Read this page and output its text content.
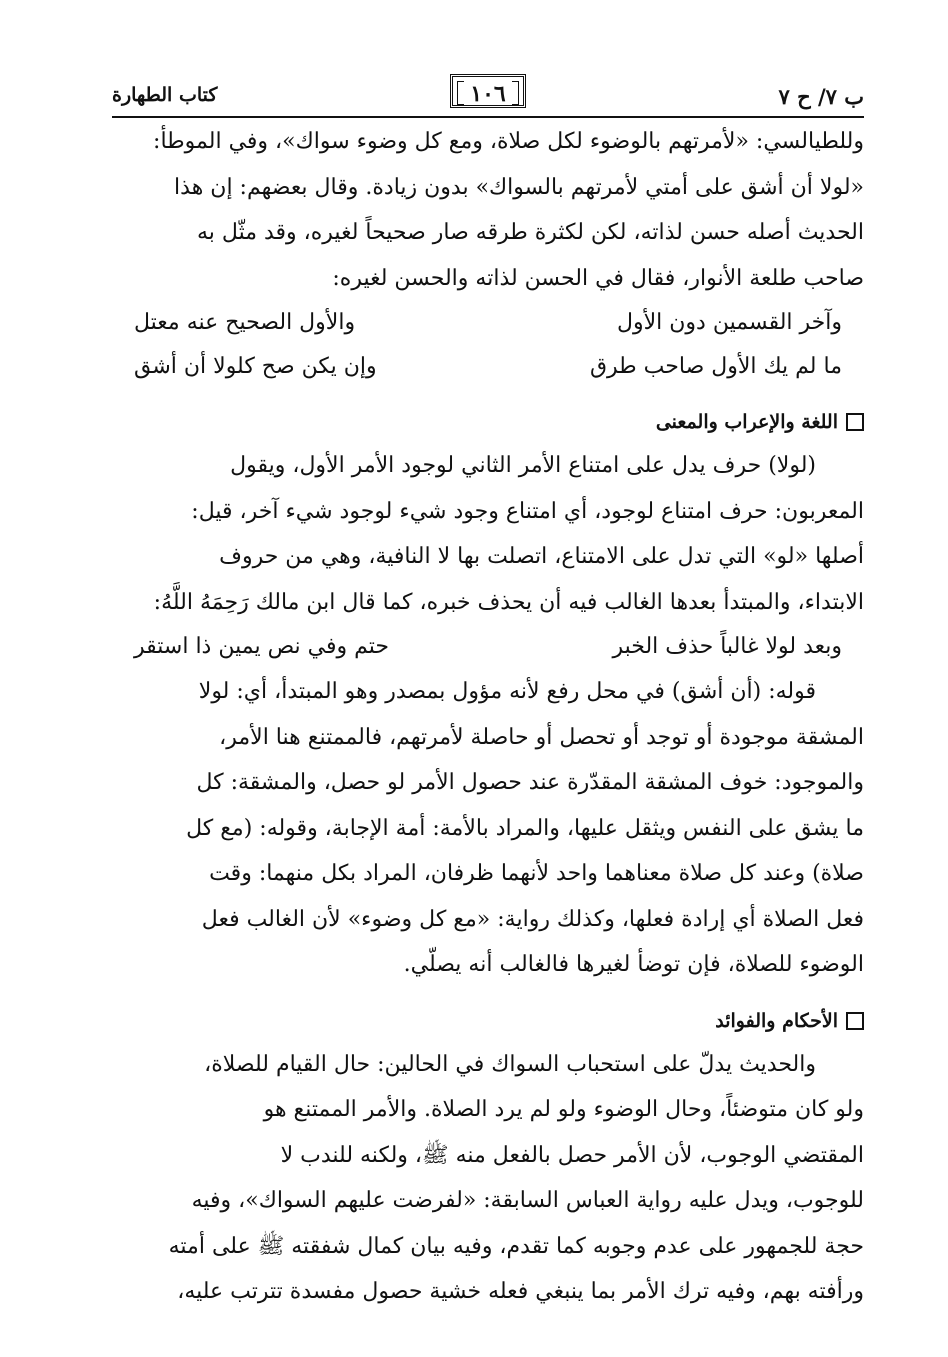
ب ٧/ ح ٧
١٠٦
كتاب الطهارة

وللطيالسي: «لأمرتهم بالوضوء لكل صلاة، ومع كل وضوء سواك»، وفي الموطأ:

«لولا أن أشق على أمتي لأمرتهم بالسواك» بدون زيادة. وقال بعضهم: إن هذا

الحديث أصله حسن لذاته، لكن لكثرة طرقه صار صحيحاً لغيره، وقد مثّل به

صاحب طلعة الأنوار، فقال في الحسن لذاته والحسن لغيره:

وآخر القسمين دون الأول
والأول الصحيح عنه معتل
ما لم يك الأول صاحب طرق
وإن يكن صح كلولا أن أشق
اللغة والإعراب والمعنى

(لولا) حرف يدل على امتناع الأمر الثاني لوجود الأمر الأول، ويقول

المعربون: حرف امتناع لوجود، أي امتناع وجود شيء لوجود شيء آخر، قيل:

أصلها «لو» التي تدل على الامتناع، اتصلت بها لا النافية، وهي من حروف

الابتداء، والمبتدأ بعدها الغالب فيه أن يحذف خبره، كما قال ابن مالك رَحِمَهُ اللَّهُ:

وبعد لولا غالباً حذف الخبر
حتم وفي نص يمين ذا استقر

قوله: (أن أشق) في محل رفع لأنه مؤول بمصدر وهو المبتدأ، أي: لولا

المشقة موجودة أو توجد أو تحصل أو حاصلة لأمرتهم، فالممتنع هنا الأمر،

والموجود: خوف المشقة المقدّرة عند حصول الأمر لو حصل، والمشقة: كل

ما يشق على النفس ويثقل عليها، والمراد بالأمة: أمة الإجابة، وقوله: (مع كل

صلاة) وعند كل صلاة معناهما واحد لأنهما ظرفان، المراد بكل منهما: وقت

فعل الصلاة أي إرادة فعلها، وكذلك رواية: «مع كل وضوء» لأن الغالب فعل

الوضوء للصلاة، فإن توضأ لغيرها فالغالب أنه يصلّي.

الأحكام والفوائد

والحديث يدلّ على استحباب السواك في الحالين: حال القيام للصلاة،

ولو كان متوضئاً، وحال الوضوء ولو لم يرد الصلاة. والأمر الممتنع هو

المقتضي الوجوب، لأن الأمر حصل بالفعل منه ﷺ، ولكنه للندب لا

للوجوب، ويدل عليه رواية العباس السابقة: «لفرضت عليهم السواك»، وفيه

حجة للجمهور على عدم وجوبه كما تقدم، وفيه بيان كمال شفقته ﷺ على أمته

ورأفته بهم، وفيه ترك الأمر بما ينبغي فعله خشية حصول مفسدة تترتب عليه،
